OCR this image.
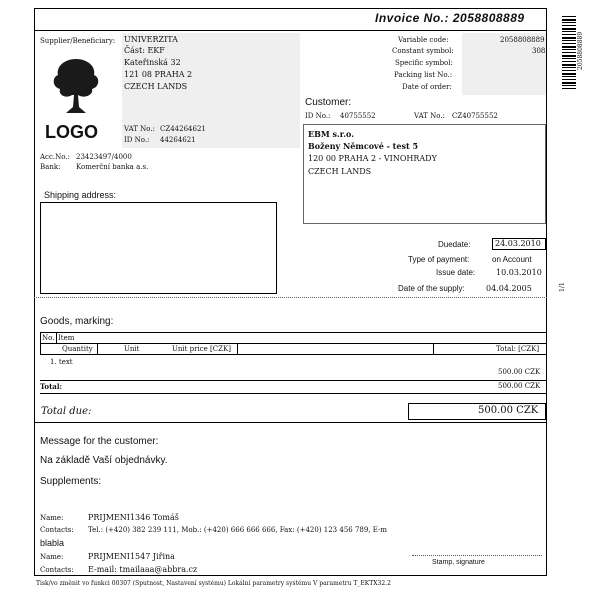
Invoice No.: 2058808889
2058808889
1/1
Supplier/Beneficiary: UNIVERZITA
Část: EKF
Kateřinská 32
121 08 PRAHA 2
CZECH LANDS
LOGO	VAT No.: CZ44264621
ID No.: 44264621
Acc.No.: 23423497/4000
Bank: Komerční banka a.s.
Variable code:	2058808889
Constant symbol:	308
Specific symbol:
Packing list No.:
Date of order:
Customer:
ID No.: 40755552	VAT No.: CZ40755552
EBM s.r.o.
Boženy Němcové - test 5
120 00 PRAHA 2 - VINOHRADY
CZECH LANDS
Shipping address:
Duedate:	24.03.2010
Type of payment:	on Account
Issue date:	10.03.2010
Date of the supply:	04.04.2005
Goods, marking:
No. Item
Quantity	Unit	Unit price [CZK]	Total: [CZK]
1. text
500.00 CZK
Total:	500.00 CZK
Total due:	500.00 CZK
Message for the customer:
Na základě Vaší objednávky.
Supplements:
Name:	PRIJMENI1346 Tomáš
Contacts: Tel.: (+420) 382 239 111, Mob.: (+420) 666 666 666, Fax: (+420) 123 456 789, E-m
blabla
Name:	PRIJMENI1547 Jiřina
Contacts: E-mail: tmailaaa@abbra.cz
Stamp, signature
Tisk/vo změnit vo funkci 00307 (Sputnost, Nastavení systému) Lokální parametry systému V parametru T_EKTX32.2
